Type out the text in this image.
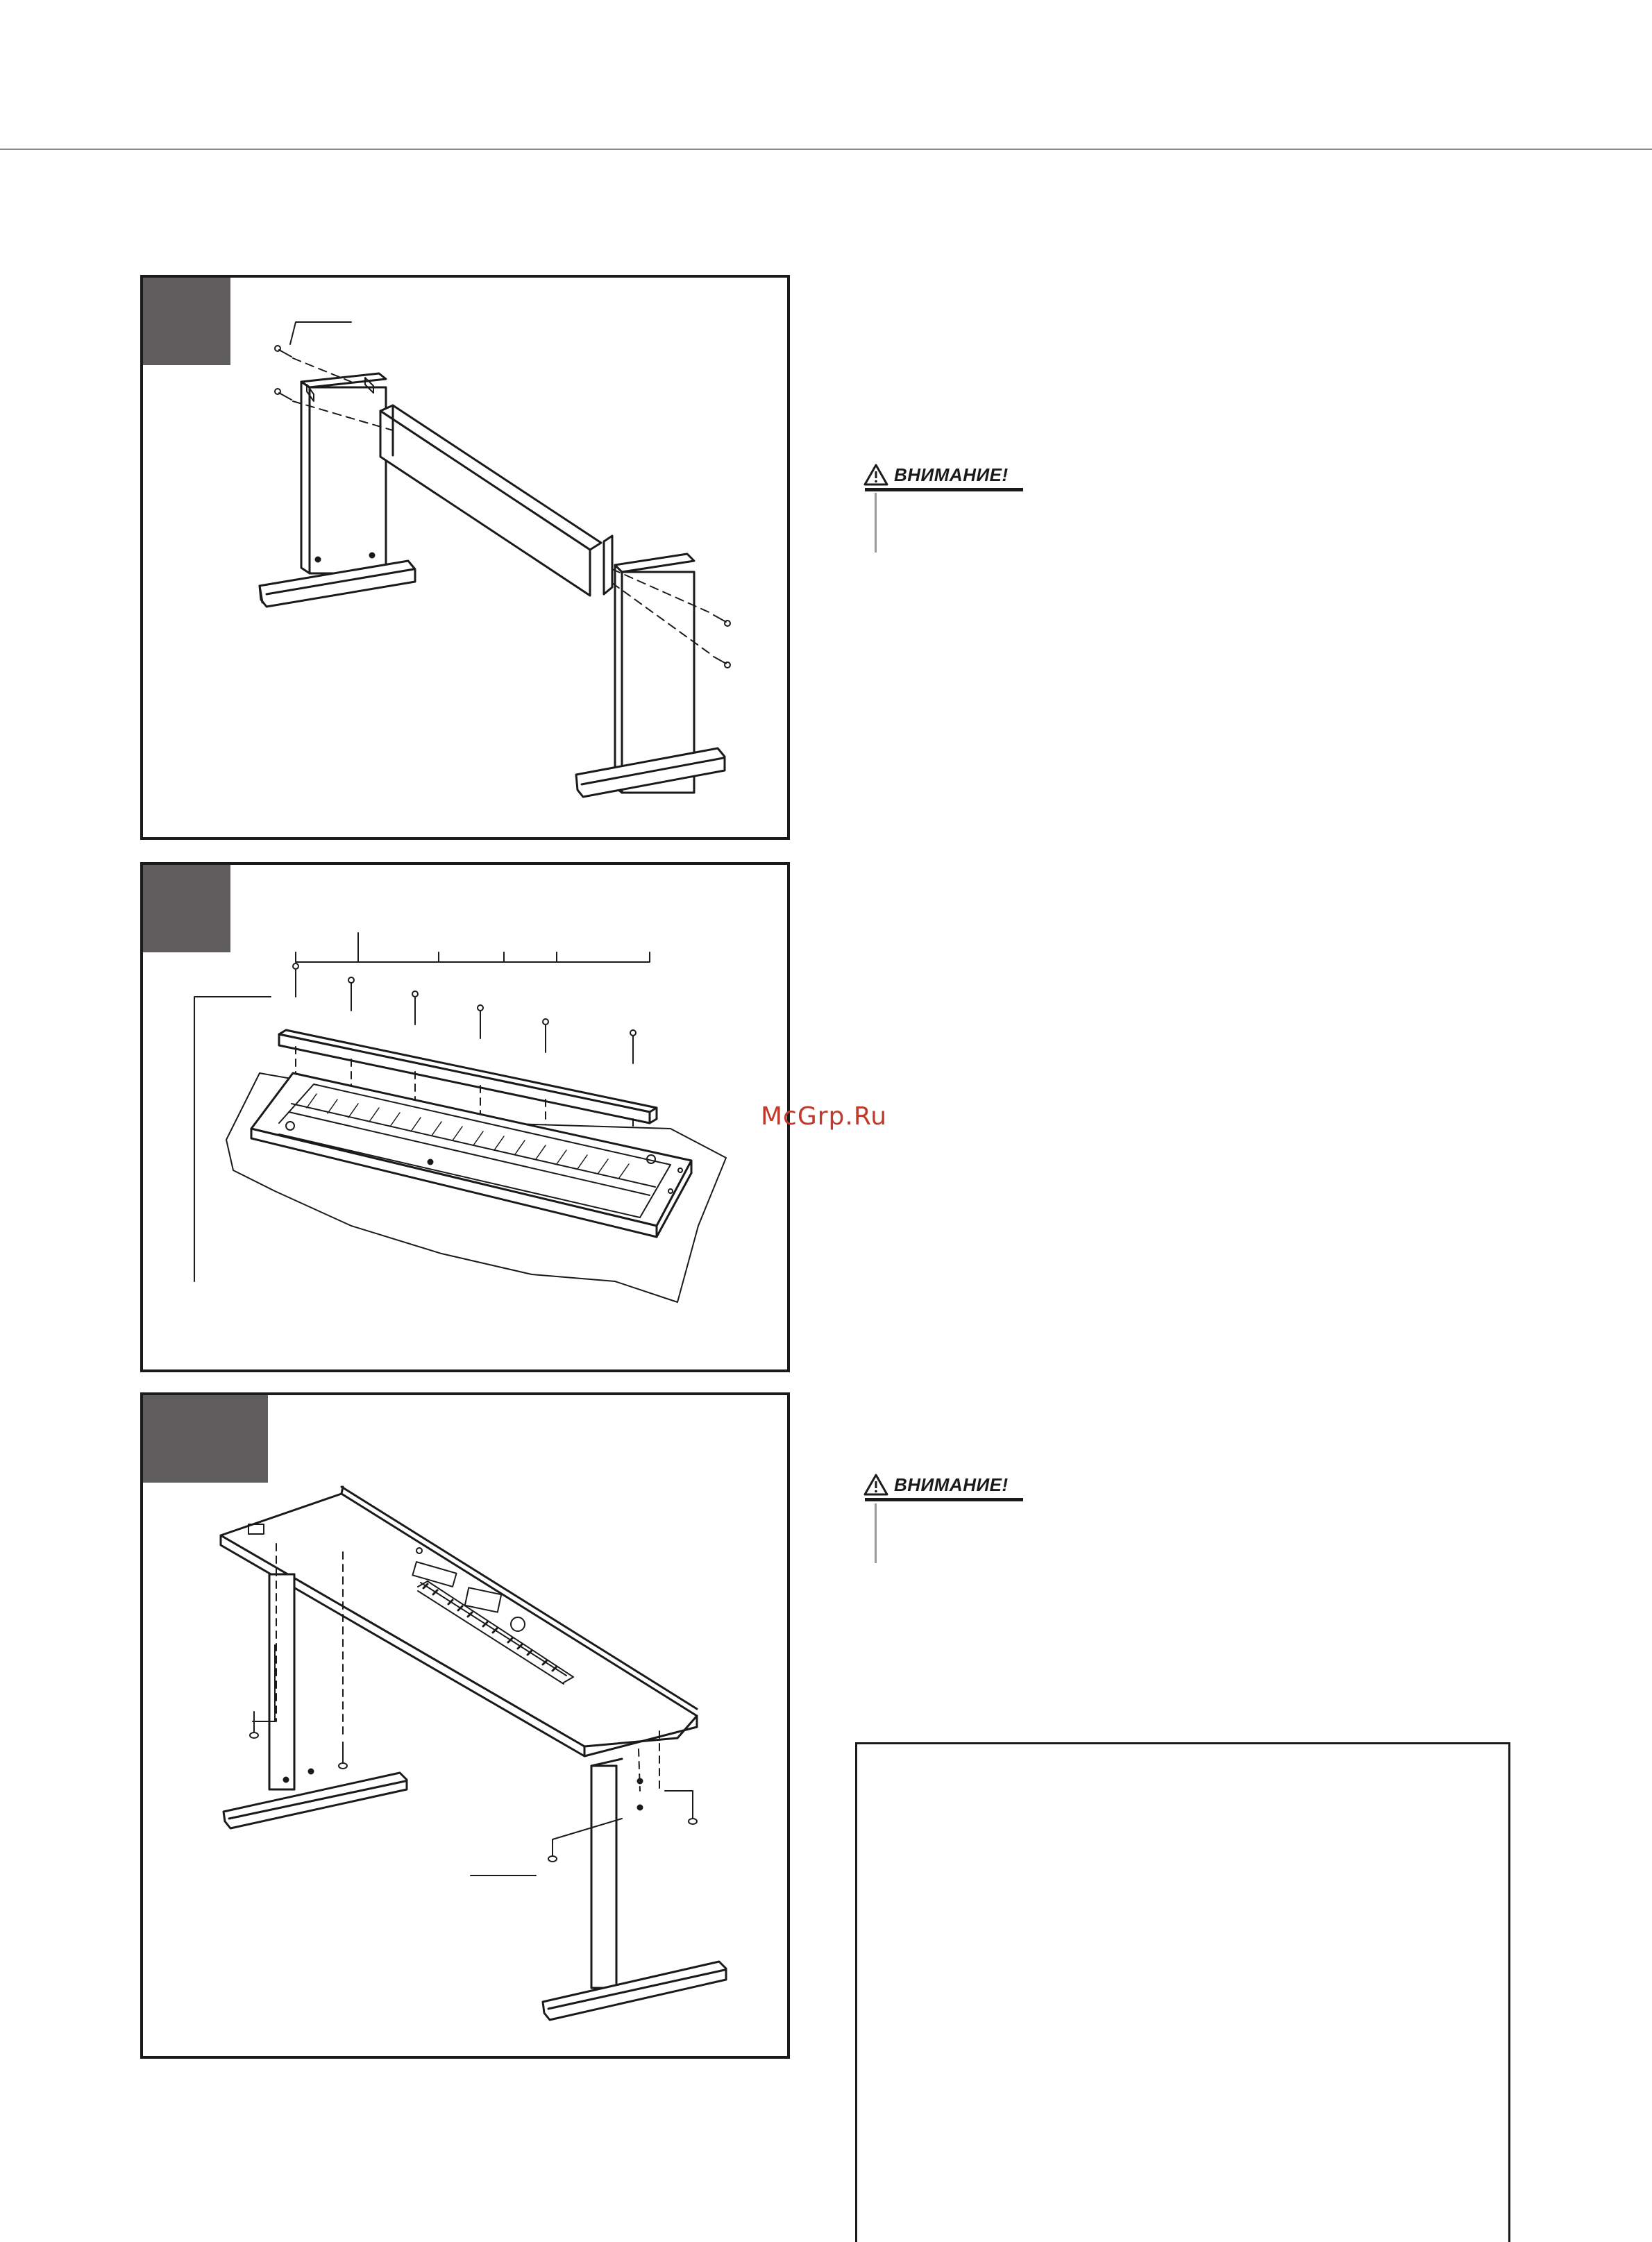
ВНИМАНИЕ!
ВНИМАНИЕ!
McGrp.Ru
